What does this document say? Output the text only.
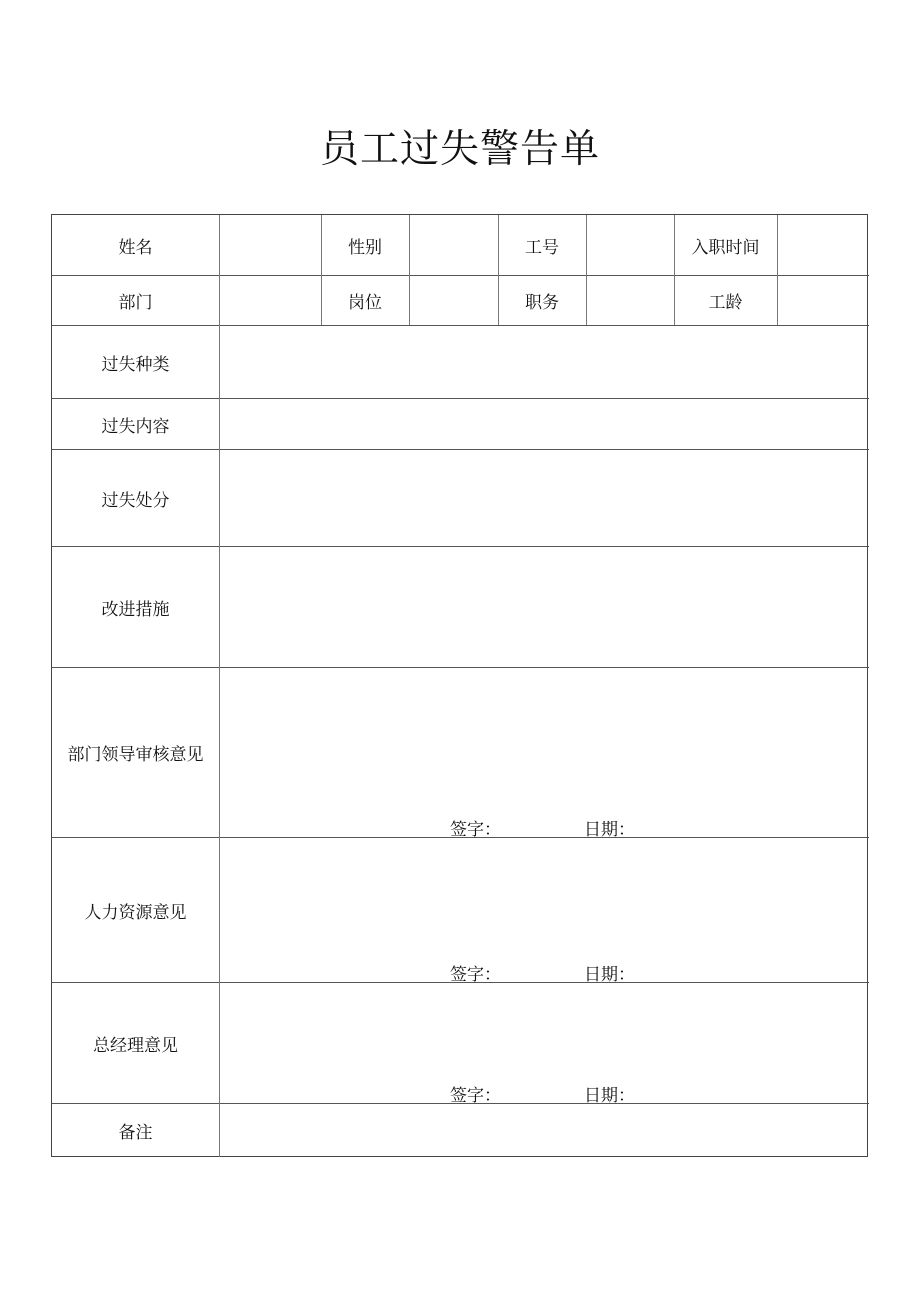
员工过失警告单
姓名	性别	工号	入职时间
部门	岗位	职务	工龄
过失种类
过失内容
过失处分
改进措施
部门领导审核意见
签字：	日期：
人力资源意见
签字：	日期：
总经理意见
签字：	日期：
备注
